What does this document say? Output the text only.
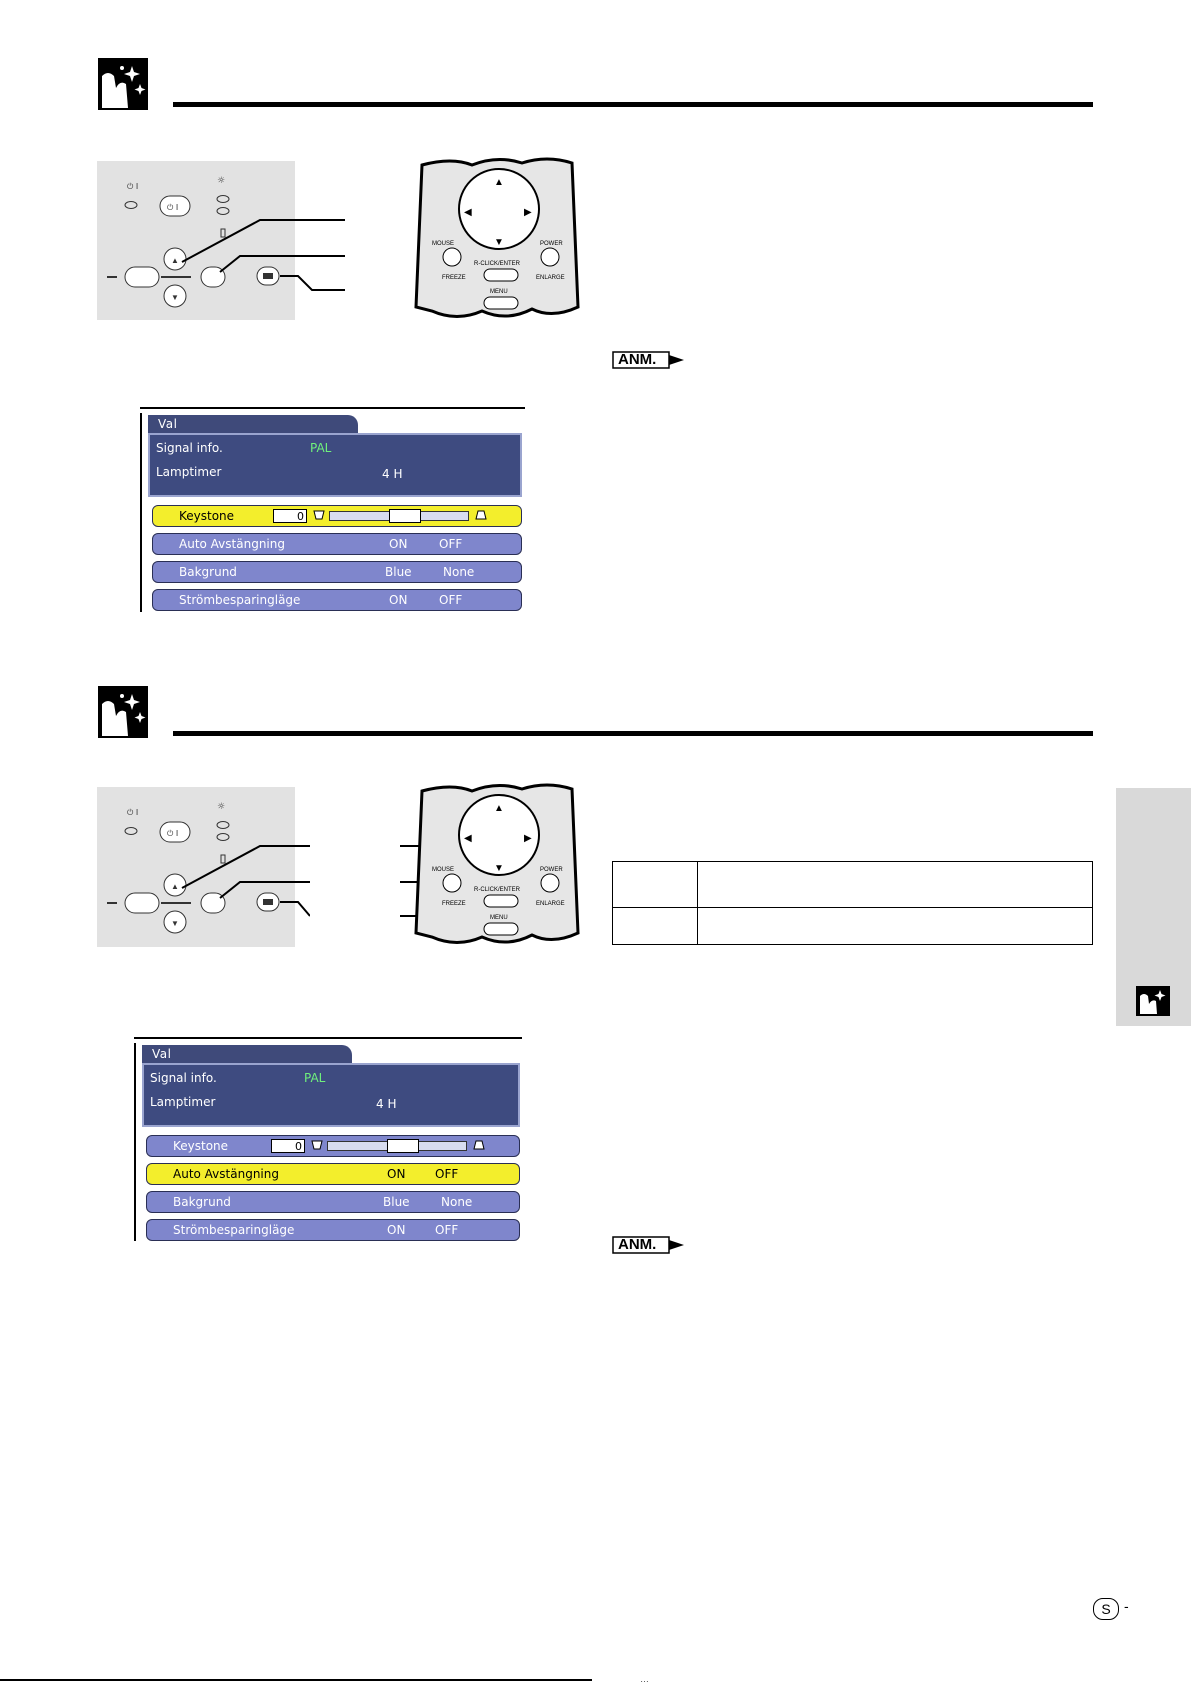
⏻ I
⏻ I
☼
▲
▼
▲
▼
◀	▶
MOUSE	POWER
R-CLICK/ENTER
FREEZE	ENLARGE
MENU
ANM.
Val
Signal info.	PAL
Lamptimer	4 H
Keystone	0
Auto Avstängning	ON	OFF
Bakgrund	Blue	None
Strömbesparingläge	ON	OFF
⏻ I
⏻ I
☼
▲
▼
▲
▼
◀	▶
MOUSE	POWER
R-CLICK/ENTER
FREEZE	ENLARGE
MENU
Val
Signal info.	PAL
Lamptimer	4 H
Keystone	0
Auto Avstängning	ON OFF
Bakgrund	Blue	None
Strömbesparingläge	ON OFF
ANM.
S -
…
